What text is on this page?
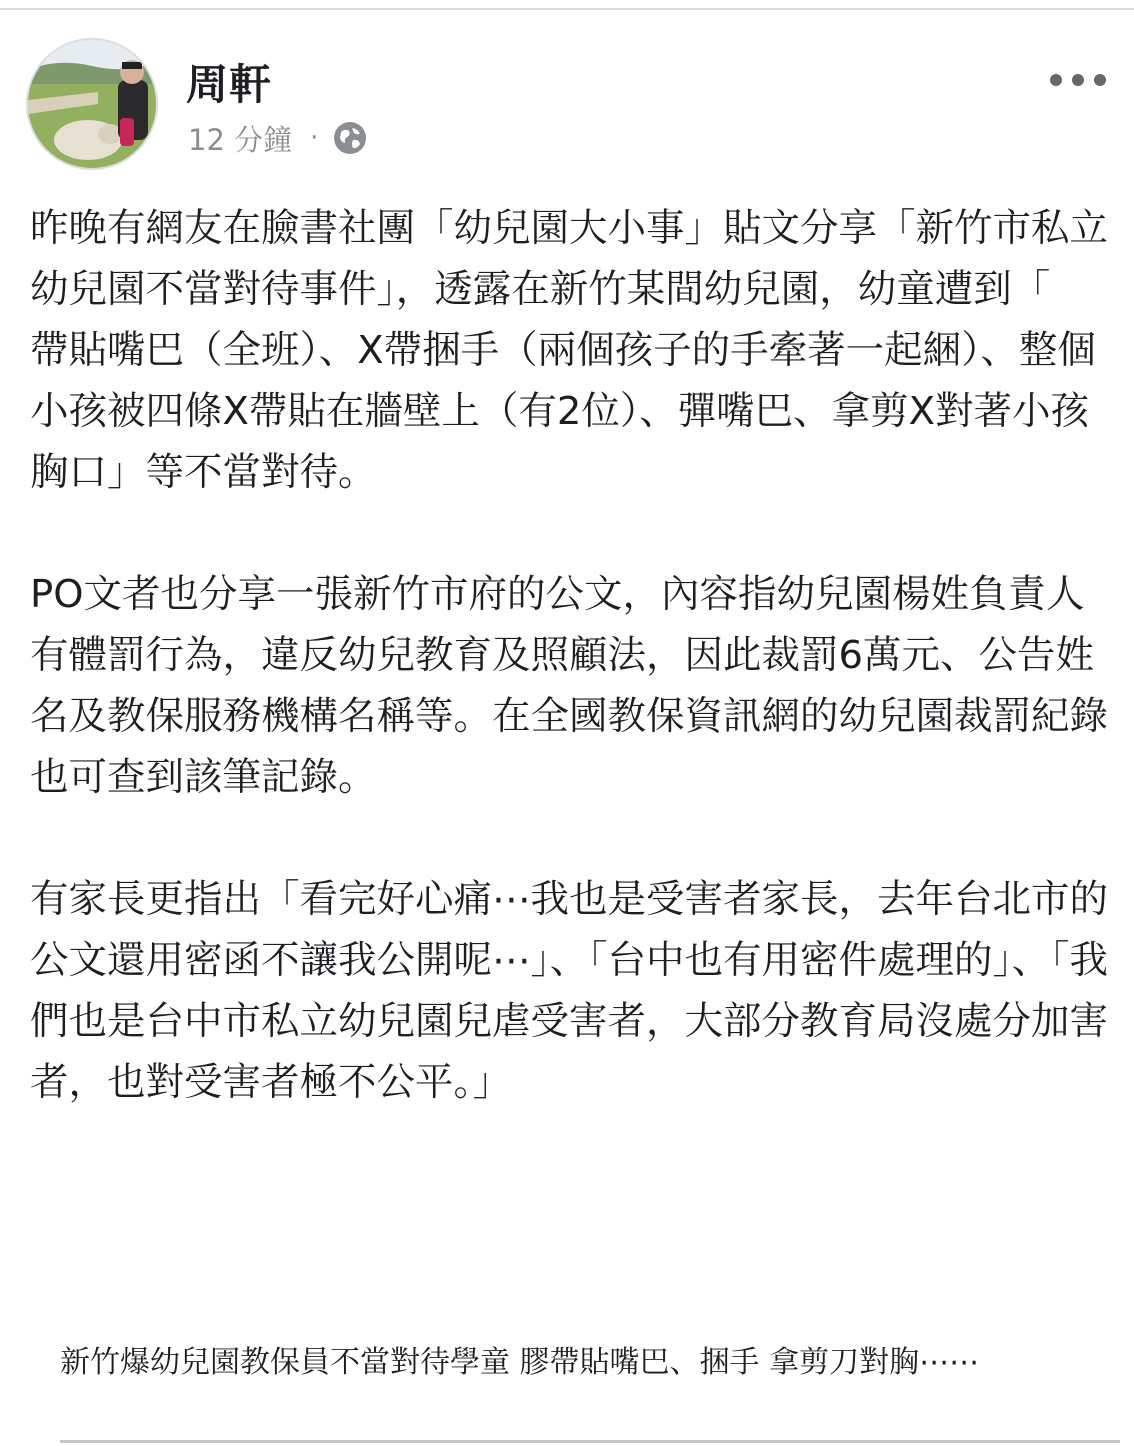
周軒
12 分鐘 ·

昨晚有網友在臉書社團「幼兒園大小事」貼文分享「新竹市私立幼兒園不當對待事件」，透露在新竹某間幼兒園，幼童遭到「
帶貼嘴巴（全班）、X帶捆手（兩個孩子的手牽著一起綑）、整個小孩被四條X帶貼在牆壁上（有2位）、彈嘴巴、拿剪X對著小孩胸口」等不當對待。

PO文者也分享一張新竹市府的公文，內容指幼兒園楊姓負責人有體罰行為，違反幼兒教育及照顧法，因此裁罰6萬元、公告姓名及教保服務機構名稱等。在全國教保資訊網的幼兒園裁罰紀錄也可查到該筆記錄。

有家長更指出「看完好心痛⋯我也是受害者家長，去年台北市的公文還用密函不讓我公開呢⋯」、「台中也有用密件處理的」、「我們也是台中市私立幼兒園兒虐受害者，大部分教育局沒處分加害者，也對受害者極不公平。」

新竹爆幼兒園教保員不當對待學童 膠帶貼嘴巴、捆手 拿剪刀對胸⋯⋯
